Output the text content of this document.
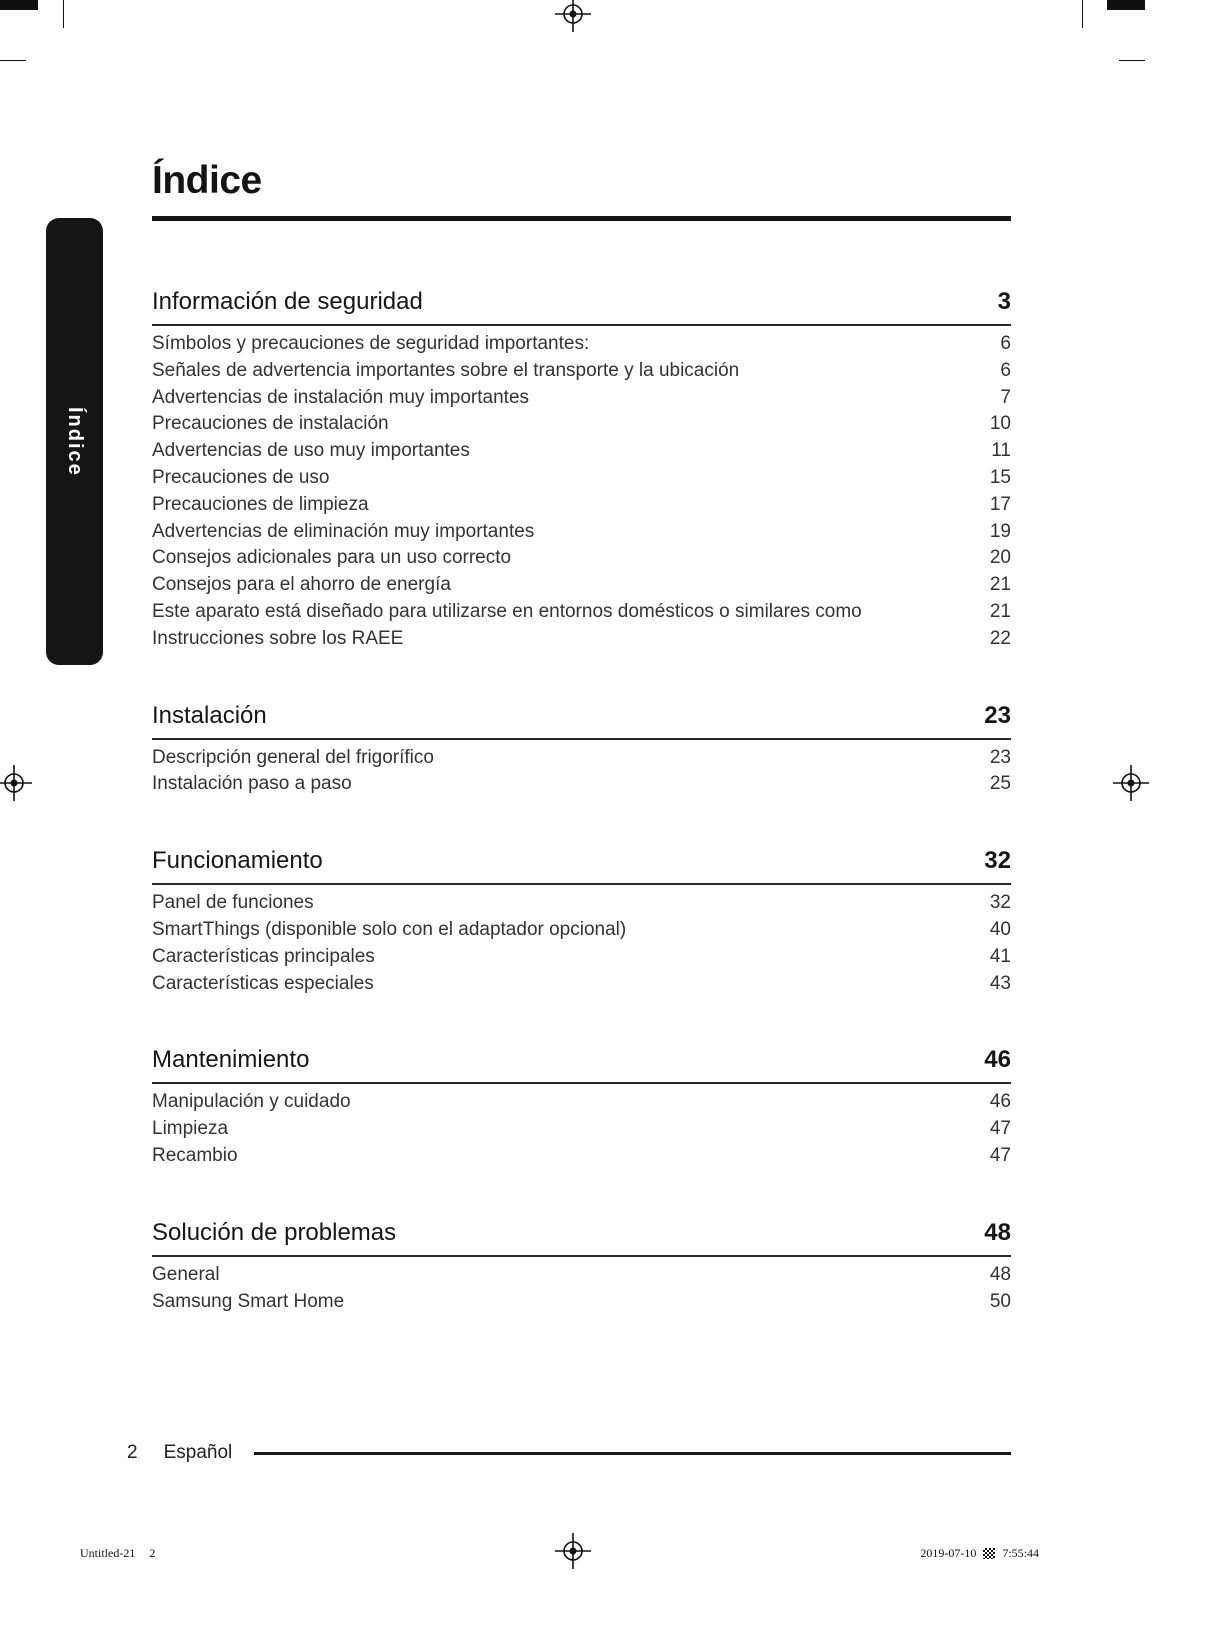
Índice
Índice
Información de seguridad	3
Símbolos y precauciones de seguridad importantes:	6
Señales de advertencia importantes sobre el transporte y la ubicación	6
Advertencias de instalación muy importantes	7
Precauciones de instalación	10
Advertencias de uso muy importantes	11
Precauciones de uso	15
Precauciones de limpieza	17
Advertencias de eliminación muy importantes	19
Consejos adicionales para un uso correcto	20
Consejos para el ahorro de energía	21
Este aparato está diseñado para utilizarse en entornos domésticos o similares como	21
Instrucciones sobre los RAEE	22
Instalación	23
Descripción general del frigorífico	23
Instalación paso a paso	25
Funcionamiento	32
Panel de funciones	32
SmartThings (disponible solo con el adaptador opcional)	40
Características principales	41
Características especiales	43
Mantenimiento	46
Manipulación y cuidado	46
Limpieza	47
Recambio	47
Solución de problemas	48
General	48
Samsung Smart Home	50
2 Español
Untitled-21 2	2019-07-10 7:55:44
